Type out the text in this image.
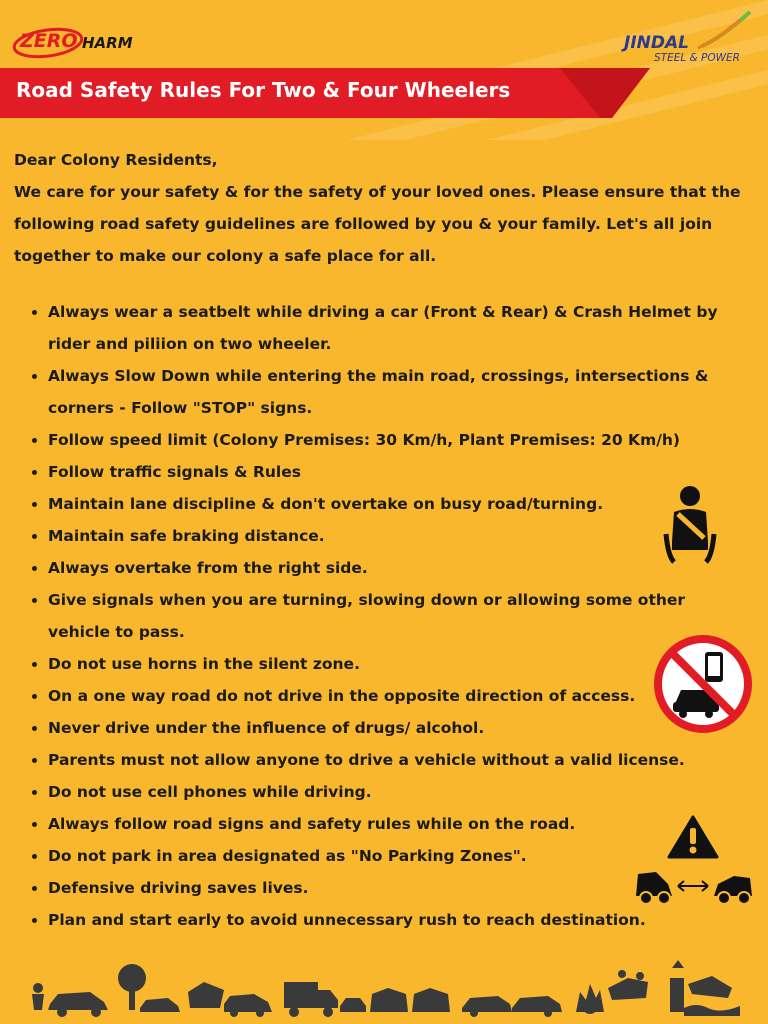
ZERO HARM	JINDAL
STEEL & POWER
Road Safety Rules For Two & Four Wheelers

Dear Colony Residents,

We care for your safety & for the safety of your loved ones. Please ensure that the following road safety guidelines are followed by you & your family. Let's all join together to make our colony a safe place for all.

• Always wear a seatbelt while driving a car (Front & Rear) & Crash Helmet by rider and piliion on two wheeler.
• Always Slow Down while entering the main road, crossings, intersections & corners - Follow "STOP" signs.
• Follow speed limit (Colony Premises: 30 Km/h, Plant Premises: 20 Km/h)
• Follow traffic signals & Rules
• Maintain lane discipline & don't overtake on busy road/turning.
• Maintain safe braking distance.
• Always overtake from the right side.
• Give signals when you are turning, slowing down or allowing some other vehicle to pass.
• Do not use horns in the silent zone.
• On a one way road do not drive in the opposite direction of access.
• Never drive under the influence of drugs/ alcohol.
• Parents must not allow anyone to drive a vehicle without a valid license.
• Do not use cell phones while driving.
• Always follow road signs and safety rules while on the road.
• Do not park in area designated as "No Parking Zones".
• Defensive driving saves lives.
• Plan and start early to avoid unnecessary rush to reach destination.
